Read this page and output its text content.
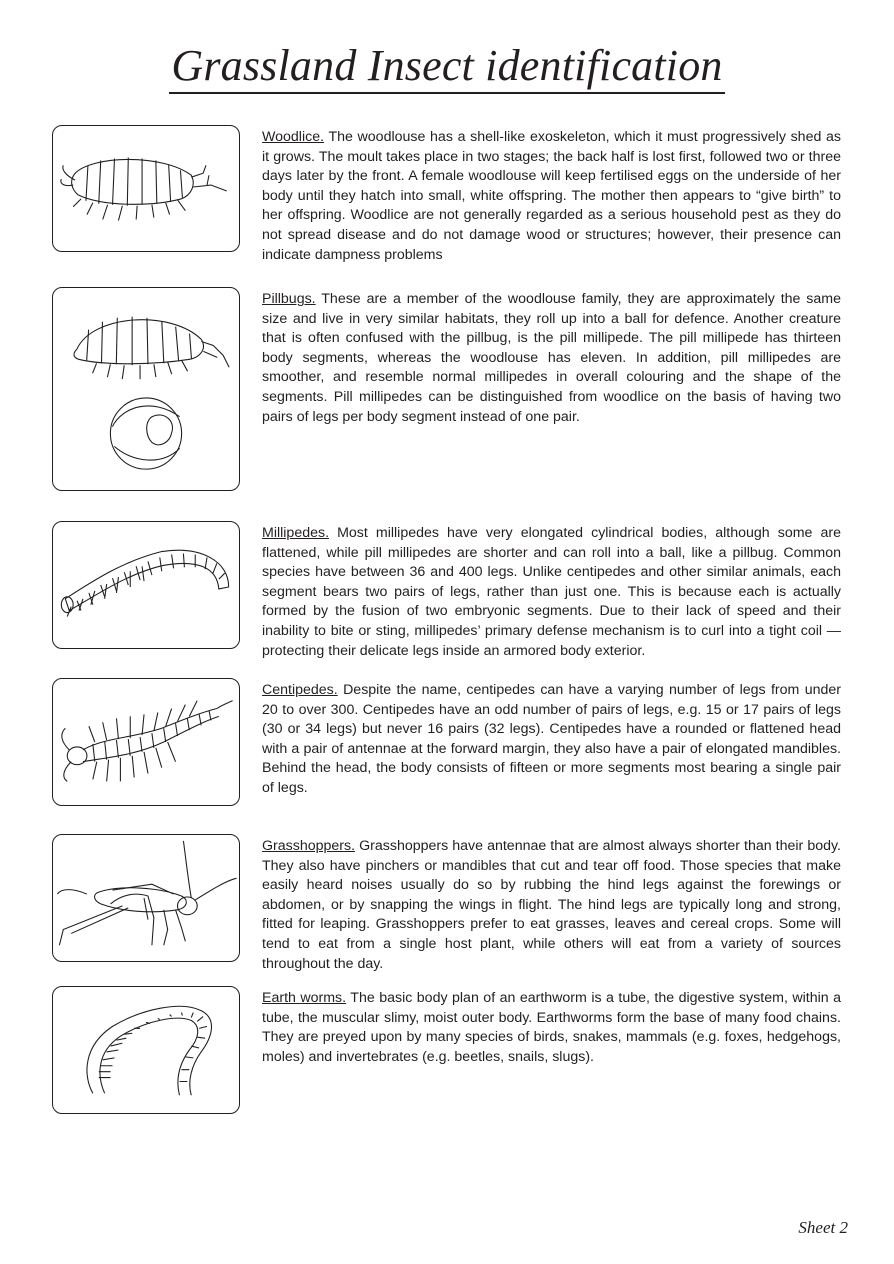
Grassland Insect identification
Woodlice. The woodlouse has a shell-like exoskeleton, which it must progressively shed as it grows. The moult takes place in two stages; the back half is lost first, followed two or three days later by the front. A female woodlouse will keep fertilised eggs on the underside of her body until they hatch into small, white offspring. The mother then appears to “give birth” to her offspring. Woodlice are not generally regarded as a serious household pest as they do not spread disease and do not damage wood or structures; however, their presence can indicate dampness problems
Pillbugs. These are a member of the woodlouse family, they are approximately the same size and live in very similar habitats, they roll up into a ball for defence. Another creature that is often confused with the pillbug, is the pill millipede. The pill millipede has thirteen body segments, whereas the woodlouse has eleven. In addition, pill millipedes are smoother, and resemble normal millipedes in overall colouring and the shape of the segments. Pill millipedes can be distinguished from woodlice on the basis of having two pairs of legs per body segment instead of one pair.
Millipedes. Most millipedes have very elongated cylindrical bodies, although some are flattened, while pill millipedes are shorter and can roll into a ball, like a pillbug. Common species have between 36 and 400 legs. Unlike centipedes and other similar animals, each segment bears two pairs of legs, rather than just one. This is because each is actually formed by the fusion of two embryonic segments. Due to their lack of speed and their inability to bite or sting, millipedes’ primary defense mechanism is to curl into a tight coil — protecting their delicate legs inside an armored body exterior.
Centipedes. Despite the name, centipedes can have a varying number of legs from under 20 to over 300. Centipedes have an odd number of pairs of legs, e.g. 15 or 17 pairs of legs (30 or 34 legs) but never 16 pairs (32 legs). Centipedes have a rounded or flattened head with a pair of antennae at the forward margin, they also have a pair of elongated mandibles. Behind the head, the body consists of fifteen or more segments most bearing a single pair of legs.
Grasshoppers. Grasshoppers have antennae that are almost always shorter than their body. They also have pinchers or mandibles that cut and tear off food. Those species that make easily heard noises usually do so by rubbing the hind legs against the forewings or abdomen, or by snapping the wings in flight. The hind legs are typically long and strong, fitted for leaping. Grasshoppers prefer to eat grasses, leaves and cereal crops. Some will tend to eat from a single host plant, while others will eat from a variety of sources throughout the day.
Earth worms. The basic body plan of an earthworm is a tube, the digestive system, within a tube, the muscular slimy, moist outer body. Earthworms form the base of many food chains. They are preyed upon by many species of birds, snakes, mammals (e.g. foxes, hedgehogs, moles) and invertebrates (e.g. beetles, snails, slugs).
Sheet 2
